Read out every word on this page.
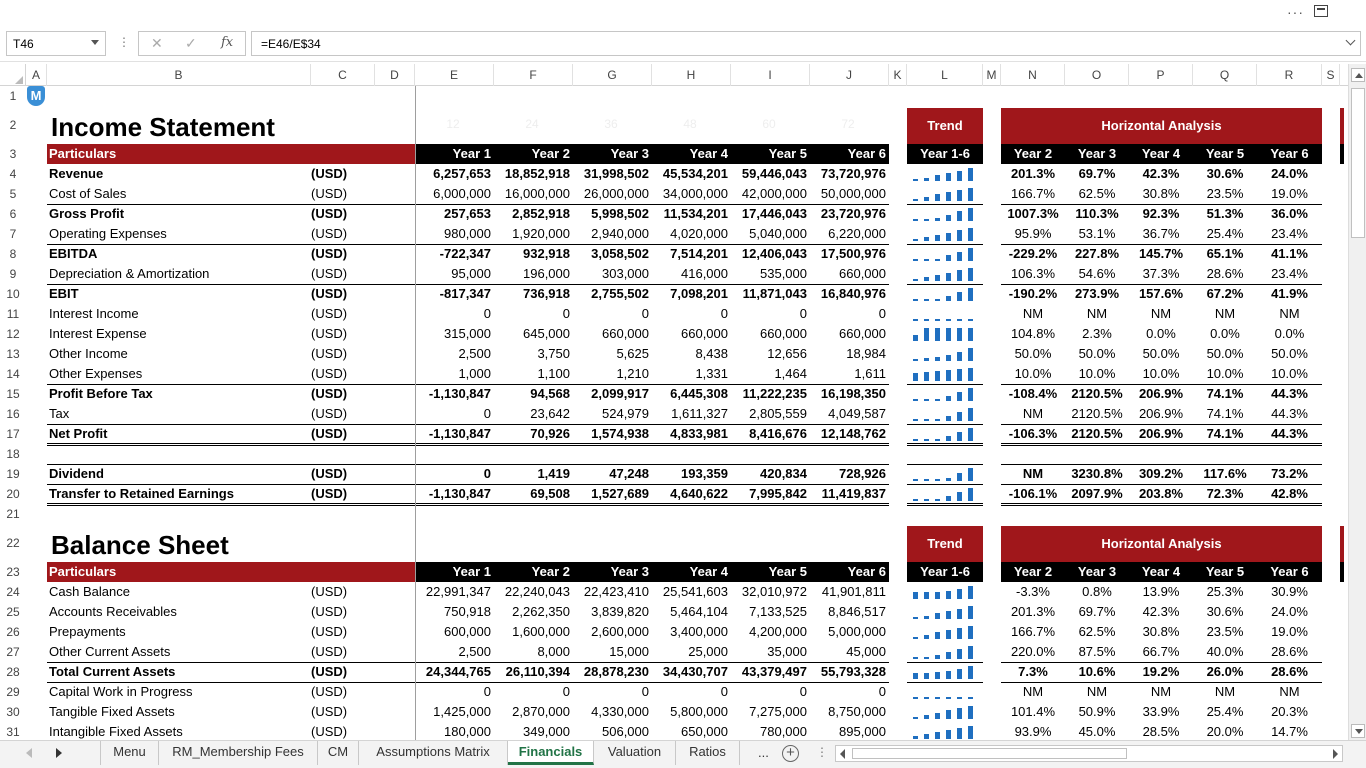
···
T46	⋮ ✕ ✓ fx	=E46/E$34
A	B	C	D	E	F	G	H	I	J	K	L	M	N	O	P	Q	R	S
1
2
3
4
5
6
7
8
9
10
11
12
13
14
15
16
17
18
19
20
21
22
23
24
25
26
27
28
29
30
31
Income Statement	12	24	36	48	60	72	Trend	Horizontal Analysis
Particulars	Year 1	Year 2	Year 3	Year 4	Year 5	Year 6	Year 1-6	Year 2	Year 3	Year 4	Year 5	Year 6
Revenue	(USD)	6,257,653	18,852,918	31,998,502	45,534,201	59,446,043	73,720,976	201.3%	69.7%	42.3%	30.6%	24.0%
Cost of Sales	(USD)	6,000,000	16,000,000	26,000,000	34,000,000	42,000,000	50,000,000	166.7%	62.5%	30.8%	23.5%	19.0%
Gross Profit	(USD)	257,653	2,852,918	5,998,502	11,534,201	17,446,043	23,720,976	1007.3%	110.3%	92.3%	51.3%	36.0%
Operating Expenses	(USD)	980,000	1,920,000	2,940,000	4,020,000	5,040,000	6,220,000	95.9%	53.1%	36.7%	25.4%	23.4%
EBITDA	(USD)	-722,347	932,918	3,058,502	7,514,201	12,406,043	17,500,976	-229.2%	227.8%	145.7%	65.1%	41.1%
Depreciation & Amortization	(USD)	95,000	196,000	303,000	416,000	535,000	660,000	106.3%	54.6%	37.3%	28.6%	23.4%
EBIT	(USD)	-817,347	736,918	2,755,502	7,098,201	11,871,043	16,840,976	-190.2%	273.9%	157.6%	67.2%	41.9%
Interest Income	(USD)	0	0	0	0	0	0	NM	NM	NM	NM	NM
Interest Expense	(USD)	315,000	645,000	660,000	660,000	660,000	660,000	104.8%	2.3%	0.0%	0.0%	0.0%
Other Income	(USD)	2,500	3,750	5,625	8,438	12,656	18,984	50.0%	50.0%	50.0%	50.0%	50.0%
Other Expenses	(USD)	1,000	1,100	1,210	1,331	1,464	1,611	10.0%	10.0%	10.0%	10.0%	10.0%
Profit Before Tax	(USD)	-1,130,847	94,568	2,099,917	6,445,308	11,222,235	16,198,350	-108.4%	2120.5%	206.9%	74.1%	44.3%
Tax	(USD)	0	23,642	524,979	1,611,327	2,805,559	4,049,587	NM	2120.5%	206.9%	74.1%	44.3%
Net Profit	(USD)	-1,130,847	70,926	1,574,938	4,833,981	8,416,676	12,148,762	-106.3%	2120.5%	206.9%	74.1%	44.3%
Dividend	(USD)	0	1,419	47,248	193,359	420,834	728,926	NM	3230.8%	309.2%	117.6%	73.2%
Transfer to Retained Earnings	(USD)	-1,130,847	69,508	1,527,689	4,640,622	7,995,842	11,419,837	-106.1%	2097.9%	203.8%	72.3%	42.8%
Balance Sheet	Trend	Horizontal Analysis
Particulars	Year 1	Year 2	Year 3	Year 4	Year 5	Year 6	Year 1-6	Year 2	Year 3	Year 4	Year 5	Year 6
Cash Balance	(USD)	22,991,347	22,240,043	22,423,410	25,541,603	32,010,972	41,901,811	-3.3%	0.8%	13.9%	25.3%	30.9%
Accounts Receivables	(USD)	750,918	2,262,350	3,839,820	5,464,104	7,133,525	8,846,517	201.3%	69.7%	42.3%	30.6%	24.0%
Prepayments	(USD)	600,000	1,600,000	2,600,000	3,400,000	4,200,000	5,000,000	166.7%	62.5%	30.8%	23.5%	19.0%
Other Current Assets	(USD)	2,500	8,000	15,000	25,000	35,000	45,000	220.0%	87.5%	66.7%	40.0%	28.6%
Total Current Assets	(USD)	24,344,765	26,110,394	28,878,230	34,430,707	43,379,497	55,793,328	7.3%	10.6%	19.2%	26.0%	28.6%
Capital Work in Progress	(USD)	0	0	0	0	0	0	NM	NM	NM	NM	NM
Tangible Fixed Assets	(USD)	1,425,000	2,870,000	4,330,000	5,800,000	7,275,000	8,750,000	101.4%	50.9%	33.9%	25.4%	20.3%
Intangible Fixed Assets	(USD)	180,000	349,000	506,000	650,000	780,000	895,000	93.9%	45.0%	28.5%	20.0%	14.7%
M
Menu	RM_Membership Fees	CM	Assumptions Matrix	Financials	Valuation	Ratios	... +	⋮
